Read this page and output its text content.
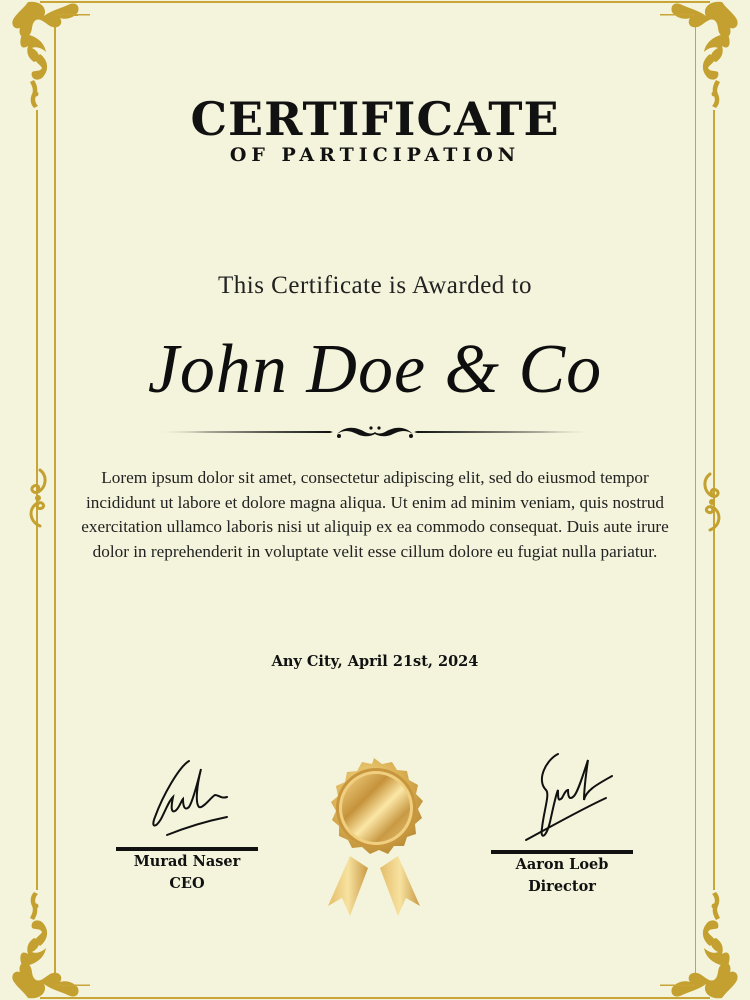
CERTIFICATE
OF PARTICIPATION
This Certificate is Awarded to
John Doe & Co
Lorem ipsum dolor sit amet, consectetur adipiscing elit, sed do eiusmod tempor incididunt ut labore et dolore magna aliqua. Ut enim ad minim veniam, quis nostrud exercitation ullamco laboris nisi ut aliquip ex ea commodo consequat. Duis aute irure dolor in reprehenderit in voluptate velit esse cillum dolore eu fugiat nulla pariatur.
Any City, April 21st, 2024
Murad Naser
CEO
Aaron Loeb
Director
